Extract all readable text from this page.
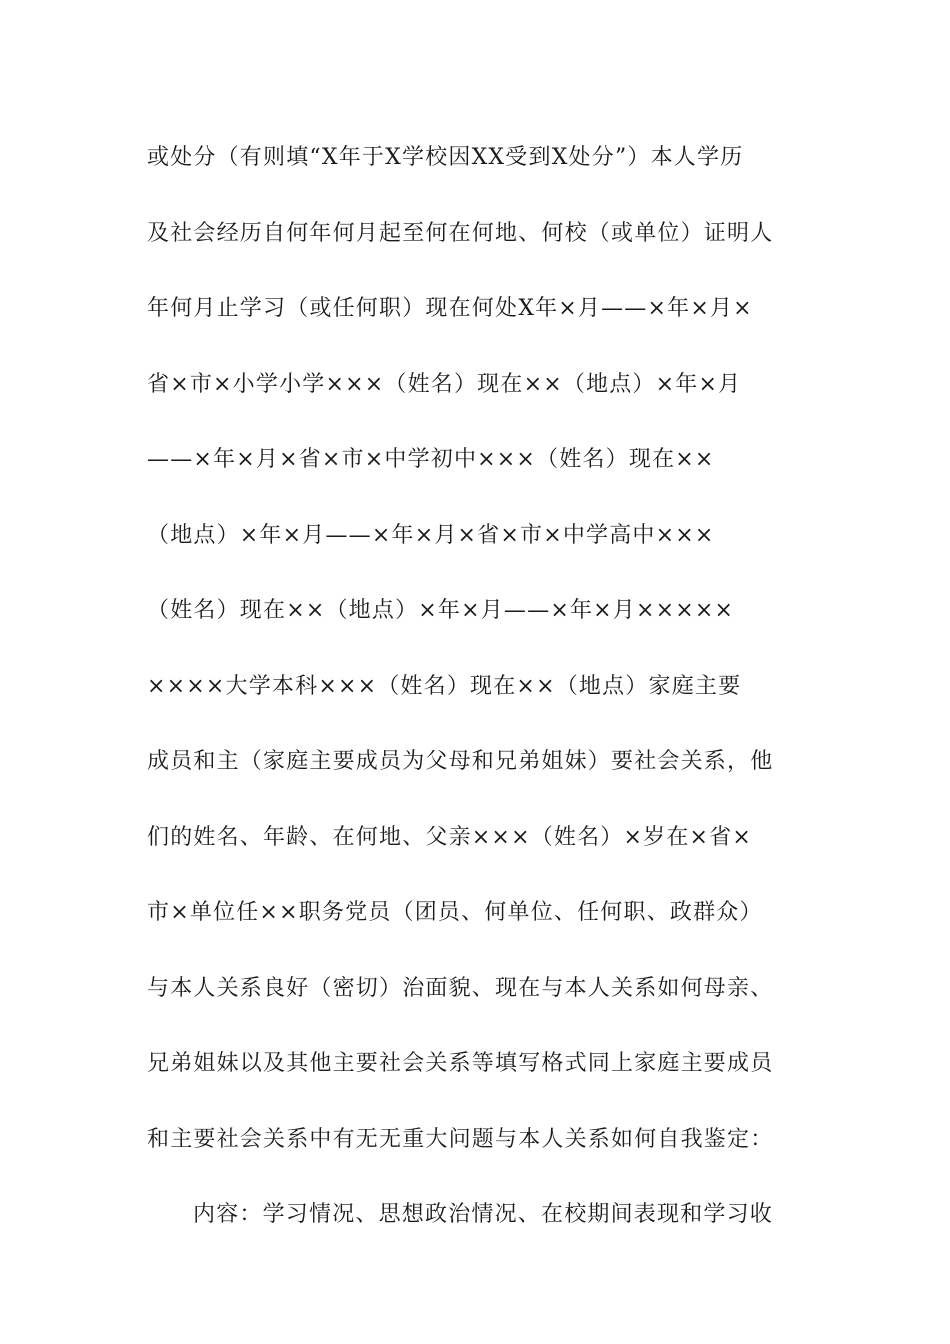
或处分（有则填“X年于X学校因XX受到X处分”）本人学历
及社会经历自何年何月起至何在何地、何校（或单位）证明人
年何月止学习（或任何职）现在何处X年×月——×年×月×
省×市×小学小学×××（姓名）现在××（地点）×年×月
——×年×月×省×市×中学初中×××（姓名）现在××
（地点）×年×月——×年×月×省×市×中学高中×××
（姓名）现在××（地点）×年×月——×年×月×××××
××××大学本科×××（姓名）现在××（地点）家庭主要
成员和主（家庭主要成员为父母和兄弟姐妹）要社会关系，他
们的姓名、年龄、在何地、父亲×××（姓名）×岁在×省×
市×单位任××职务党员（团员、何单位、任何职、政群众）
与本人关系良好（密切）治面貌、现在与本人关系如何母亲、
兄弟姐妹以及其他主要社会关系等填写格式同上家庭主要成员
和主要社会关系中有无无重大问题与本人关系如何自我鉴定：
内容：学习情况、思想政治情况、在校期间表现和学习收
